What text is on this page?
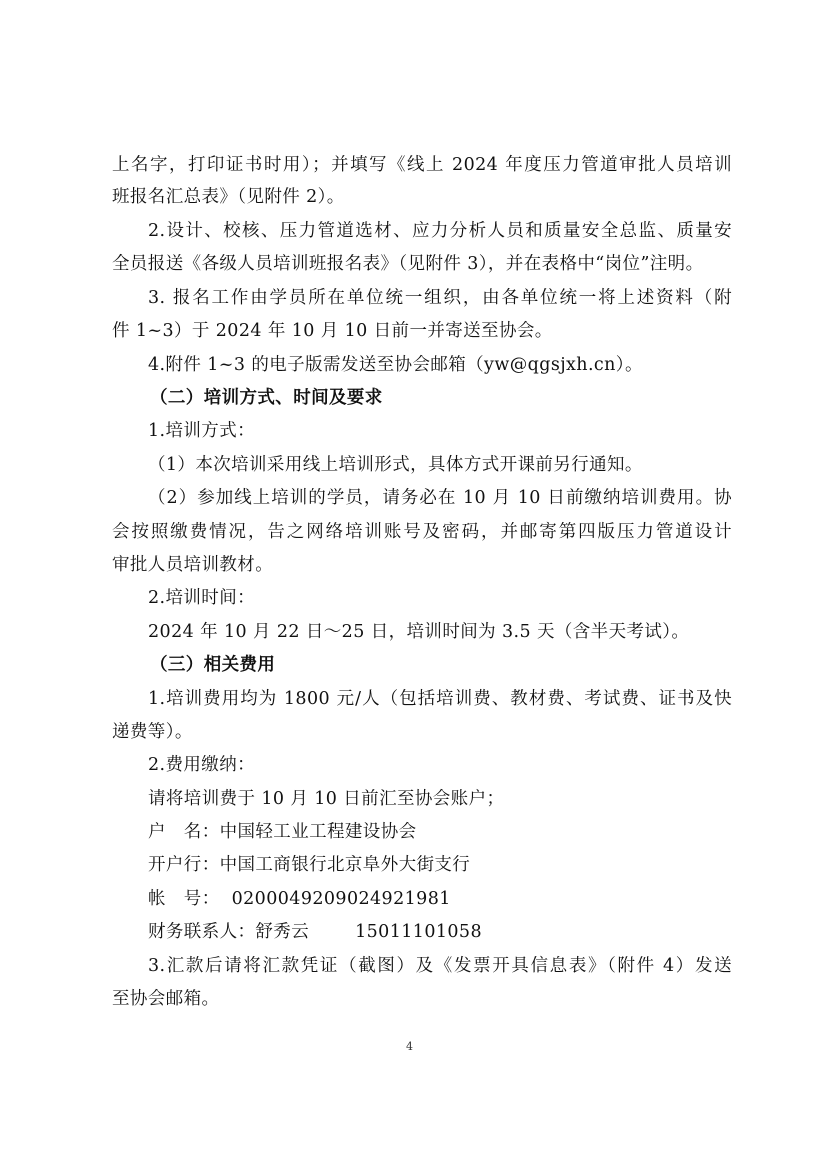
上名字，打印证书时用）；并填写《线上 2024 年度压力管道审批人员培训
班报名汇总表》（见附件 2）。
2.设计、校核、压力管道选材、应力分析人员和质量安全总监、质量安
全员报送《各级人员培训班报名表》（见附件 3），并在表格中“岗位”注明。
3. 报名工作由学员所在单位统一组织，由各单位统一将上述资料（附
件 1~3）于 2024 年 10 月 10 日前一并寄送至协会。
4.附件 1~3 的电子版需发送至协会邮箱（yw@qgsjxh.cn）。
（二）培训方式、时间及要求
1.培训方式：
（1）本次培训采用线上培训形式，具体方式开课前另行通知。
（2）参加线上培训的学员，请务必在 10 月 10 日前缴纳培训费用。协
会按照缴费情况，告之网络培训账号及密码，并邮寄第四版压力管道设计
审批人员培训教材。
2.培训时间：
2024 年 10 月 22 日～25 日，培训时间为 3.5 天（含半天考试）。
（三）相关费用
1.培训费用均为 1800 元/人（包括培训费、教材费、考试费、证书及快
递费等）。
2.费用缴纳：
请将培训费于 10 月 10 日前汇至协会账户；
户　名：中国轻工业工程建设协会
开户行：中国工商银行北京阜外大街支行
帐　号： 0200049209024921981
财务联系人：舒秀云	15011101058
3.汇款后请将汇款凭证（截图）及《发票开具信息表》（附件 4）发送
至协会邮箱。
4
